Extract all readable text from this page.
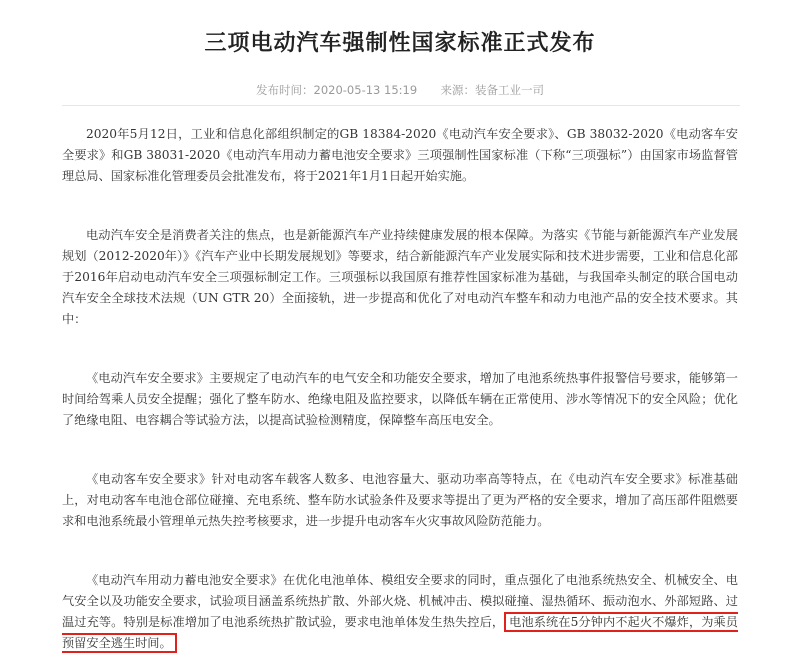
三项电动汽车强制性国家标准正式发布
发布时间：2020-05-13 15:19 来源：装备工业一司

2020年5月12日，工业和信息化部组织制定的GB 18384-2020《电动汽车安全要求》、GB 38032-2020《电动客车安全要求》和GB 38031-2020《电动汽车用动力蓄电池安全要求》三项强制性国家标准（下称“三项强标”）由国家市场监督管理总局、国家标准化管理委员会批准发布，将于2021年1月1日起开始实施。

电动汽车安全是消费者关注的焦点，也是新能源汽车产业持续健康发展的根本保障。为落实《节能与新能源汽车产业发展规划（2012-2020年）》《汽车产业中长期发展规划》等要求，结合新能源汽车产业发展实际和技术进步需要，工业和信息化部于2016年启动电动汽车安全三项强标制定工作。三项强标以我国原有推荐性国家标准为基础，与我国牵头制定的联合国电动汽车安全全球技术法规（UN GTR 20）全面接轨，进一步提高和优化了对电动汽车整车和动力电池产品的安全技术要求。其中：

《电动汽车安全要求》主要规定了电动汽车的电气安全和功能安全要求，增加了电池系统热事件报警信号要求，能够第一时间给驾乘人员安全提醒；强化了整车防水、绝缘电阻及监控要求，以降低车辆在正常使用、涉水等情况下的安全风险；优化了绝缘电阻、电容耦合等试验方法，以提高试验检测精度，保障整车高压电安全。

《电动客车安全要求》针对电动客车载客人数多、电池容量大、驱动功率高等特点，在《电动汽车安全要求》标准基础上，对电动客车电池仓部位碰撞、充电系统、整车防水试验条件及要求等提出了更为严格的安全要求，增加了高压部件阻燃要求和电池系统最小管理单元热失控考核要求，进一步提升电动客车火灾事故风险防范能力。

《电动汽车用动力蓄电池安全要求》在优化电池单体、模组安全要求的同时，重点强化了电池系统热安全、机械安全、电气安全以及功能安全要求，试验项目涵盖系统热扩散、外部火烧、机械冲击、模拟碰撞、湿热循环、振动泡水、外部短路、过温过充等。特别是标准增加了电池系统热扩散试验，要求电池单体发生热失控后， 电池系统在5分钟内不起火不爆炸，为乘员预留安全逃生时间。
